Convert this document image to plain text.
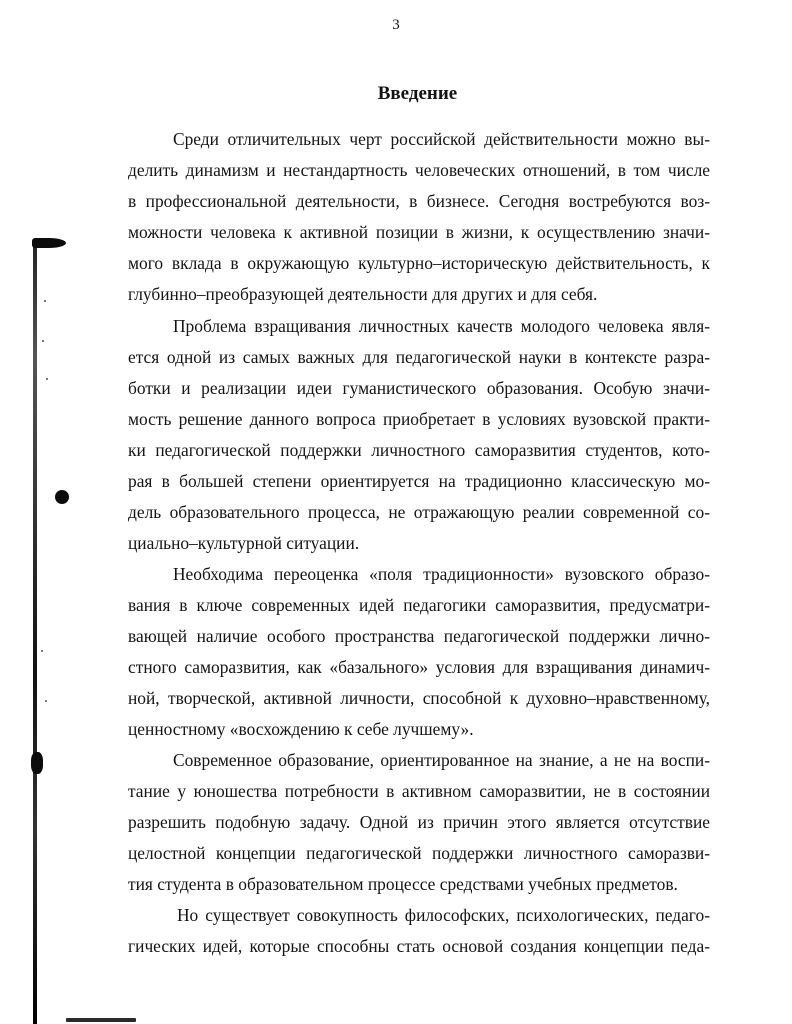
3
Введение

Среди отличительных черт российской действительности можно вы-

делить динамизм и нестандартность человеческих отношений, в том числе

в профессиональной деятельности, в бизнесе. Сегодня востребуются воз-

можности человека к активной позиции в жизни, к осуществлению значи-

мого вклада в окружающую культурно–историческую действительность, к

глубинно–преобразующей деятельности для других и для себя.

Проблема взращивания личностных качеств молодого человека явля-

ется одной из самых важных для педагогической науки в контексте разра-

ботки и реализации идеи гуманистического образования. Особую значи-

мость решение данного вопроса приобретает в условиях вузовской практи-

ки педагогической поддержки личностного саморазвития студентов, кото-

рая в большей степени ориентируется на традиционно классическую мо-

дель образовательного процесса, не отражающую реалии современной со-

циально–культурной ситуации.

Необходима переоценка «поля традиционности» вузовского образо-

вания в ключе современных идей педагогики саморазвития, предусматри-

вающей наличие особого пространства педагогической поддержки лично-

стного саморазвития, как «базального» условия для взращивания динамич-

ной, творческой, активной личности, способной к духовно–нравственному,

ценностному «восхождению к себе лучшему».

Современное образование, ориентированное на знание, а не на воспи-

тание у юношества потребности в активном саморазвитии, не в состоянии

разрешить подобную задачу. Одной из причин этого является отсутствие

целостной концепции педагогической поддержки личностного саморазви-

тия студента в образовательном процессе средствами учебных предметов.

Но существует совокупность философских, психологических, педаго-

гических идей, которые способны стать основой создания концепции педа-
